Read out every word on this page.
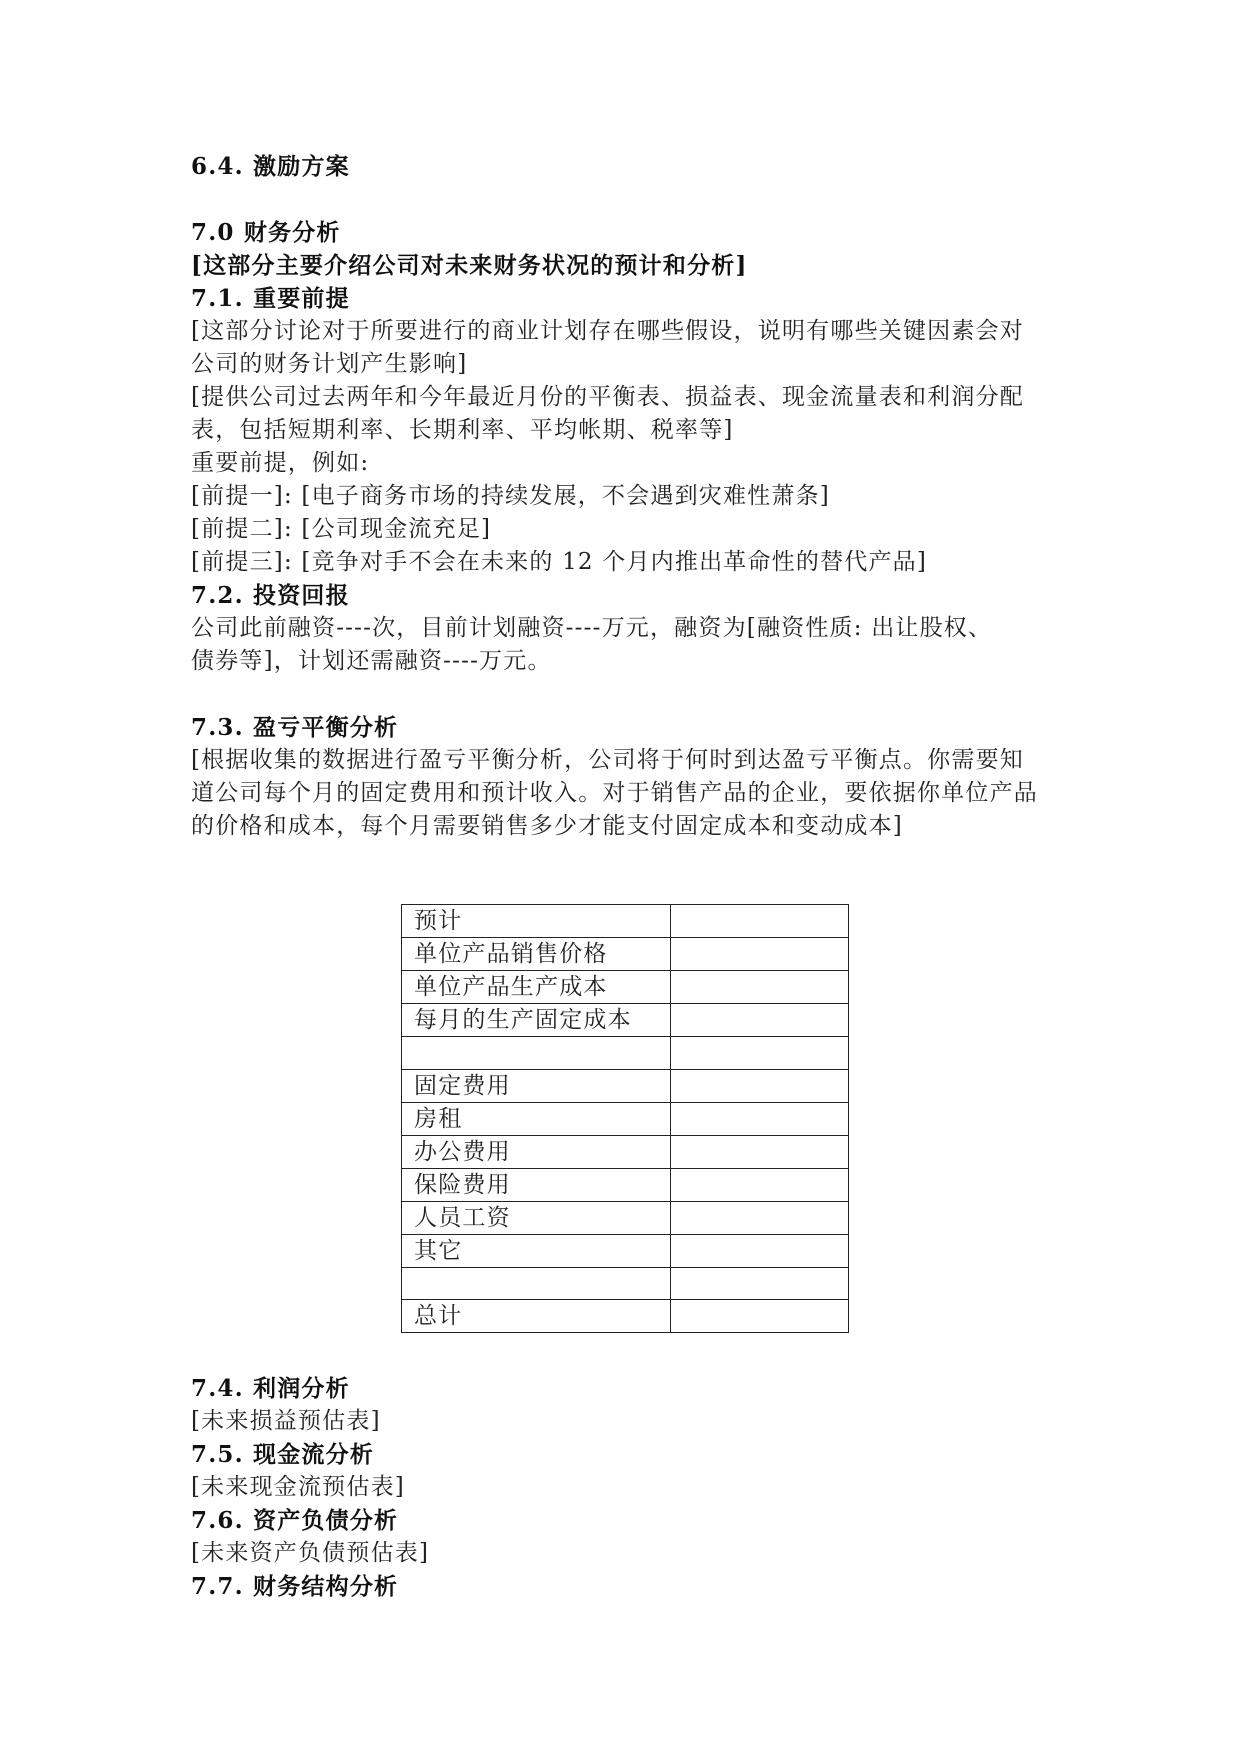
6.4. 激励方案

7.0 财务分析

[这部分主要介绍公司对未来财务状况的预计和分析]

7.1. 重要前提

[这部分讨论对于所要进行的商业计划存在哪些假设，说明有哪些关键因素会对

公司的财务计划产生影响]

[提供公司过去两年和今年最近月份的平衡表、损益表、现金流量表和利润分配

表，包括短期利率、长期利率、平均帐期、税率等]

重要前提，例如:

[前提一]: [电子商务市场的持续发展，不会遇到灾难性萧条]

[前提二]: [公司现金流充足]

[前提三]: [竞争对手不会在未来的 12 个月内推出革命性的替代产品]

7.2. 投资回报

公司此前融资----次，目前计划融资----万元，融资为[融资性质: 出让股权、

债券等]，计划还需融资----万元。

7.3. 盈亏平衡分析

[根据收集的数据进行盈亏平衡分析，公司将于何时到达盈亏平衡点。你需要知

道公司每个月的固定费用和预计收入。对于销售产品的企业，要依据你单位产品

的价格和成本，每个月需要销售多少才能支付固定成本和变动成本]

预计	
单位产品销售价格	
单位产品生产成本	
每月的生产固定成本	

固定费用	
房租	
办公费用	
保险费用	
人员工资	
其它	

总计	

7.4. 利润分析

[未来损益预估表]

7.5. 现金流分析

[未来现金流预估表]

7.6. 资产负债分析

[未来资产负债预估表]

7.7. 财务结构分析
